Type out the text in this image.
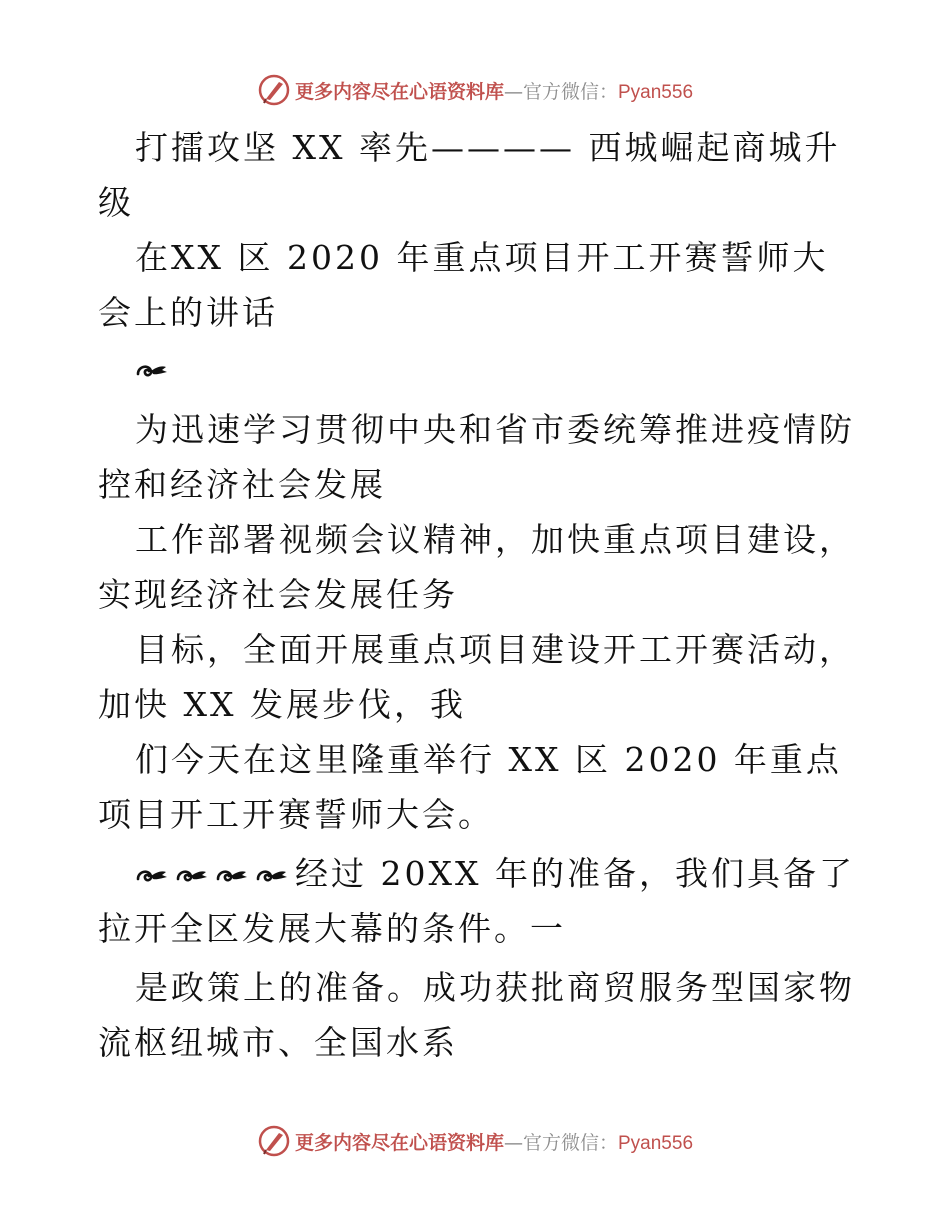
更多内容尽在心语资料库—官方微信：Pyan556

打擂攻坚 XX 率先———— 西城崛起商城升级

在XX 区 2020 年重点项目开工开赛誓师大会上的讲话

为迅速学习贯彻中央和省市委统筹推进疫情防控和经济社会发展

工作部署视频会议精神，加快重点项目建设，实现经济社会发展任务

目标，全面开展重点项目建设开工开赛活动，加快 XX 发展步伐，我

们今天在这里隆重举行 XX 区 2020 年重点项目开工开赛誓师大会。

经过 20XX 年的准备，我们具备了拉开全区发展大幕的条件。一

是政策上的准备。成功获批商贸服务型国家物流枢纽城市、全国水系

更多内容尽在心语资料库—官方微信：Pyan556
